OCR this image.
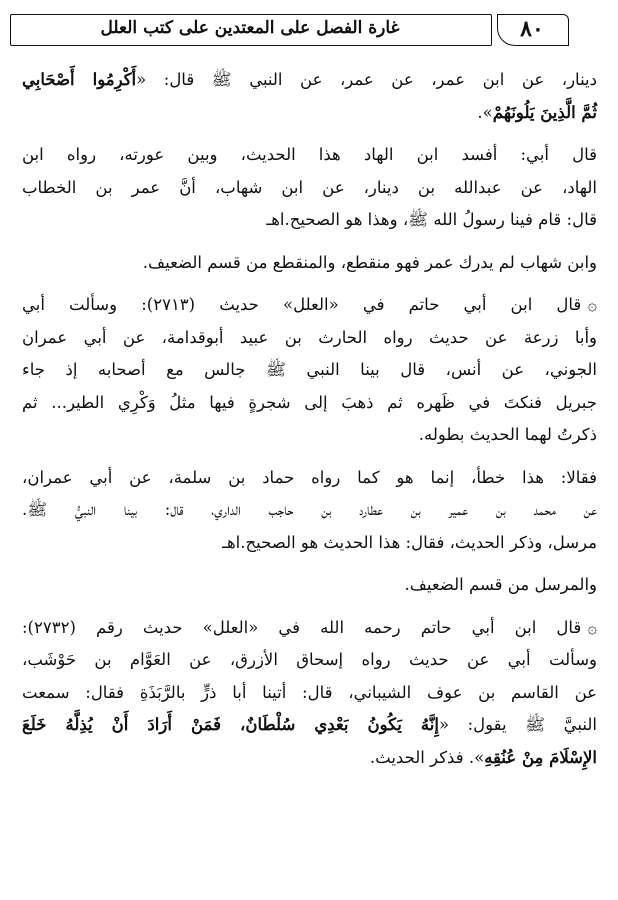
غارة الفصل على المعتدين على كتب العلل	٨٠

دينار، عن ابن عمر، عن عمر، عن النبي ﷺ قال: «أَكْرِمُوا أَصْحَابِي
ثُمَّ الَّذِينَ يَلُونَهُمْ».

قال أبي: أفسد ابن الهاد هذا الحديث، وبين عورته، رواه ابن
الهاد، عن عبدالله بن دينار، عن ابن شهاب، أنَّ عمر بن الخطاب
قال: قام فينا رسولُ الله ﷺ، وهذا هو الصحيح.اهـ

وابن شهاب لم يدرك عمر فهو منقطع، والمنقطع من قسم الضعيف.

۞قال ابن أبي حاتم في «العلل» حديث (٢٧١٣): وسألت أبي
وأبا زرعة عن حديث رواه الحارث بن عبيد أبوقدامة، عن أبي عمران
الجوني، عن أنس، قال بينا النبي ﷺ جالس مع أصحابه إذ جاء
جبريل فنكتَ في ظَهره ثم ذهبَ إلى شجرةٍ فيها مثلُ وَكْرِي الطير... ثم
ذكرتُ لهما الحديث بطوله.

فقالا: هذا خطأ، إنما هو كما رواه حماد بن سلمة، عن أبي عمران،
عن محمد بن عمير بن عطارد بن حاجب الداري، قال: بينا النبيُّ ﷺ.
مرسل، وذكر الحديث، فقال: هذا الحديث هو الصحيح.اهـ

والمرسل من قسم الضعيف.

۞قال ابن أبي حاتم رحمه الله في «العلل» حديث رقم (٢٧٣٢):
وسألت أبي عن حديث رواه إسحاق الأزرق، عن العَوَّام بن حَوْشَب،
عن القاسم بن عوف الشيباني، قال: أتينا أبا ذرٍّ بالرَّبَذَةِ فقال: سمعت
النبيَّ ﷺ يقول: «إِنَّهُ يَكُونُ بَعْدِي سُلْطَانٌ، فَمَنْ أَرَادَ أَنْ يُذِلَّهُ خَلَعَ
الإِسْلَامَ مِنْ عُنُقِهِ». فذكر الحديث.
